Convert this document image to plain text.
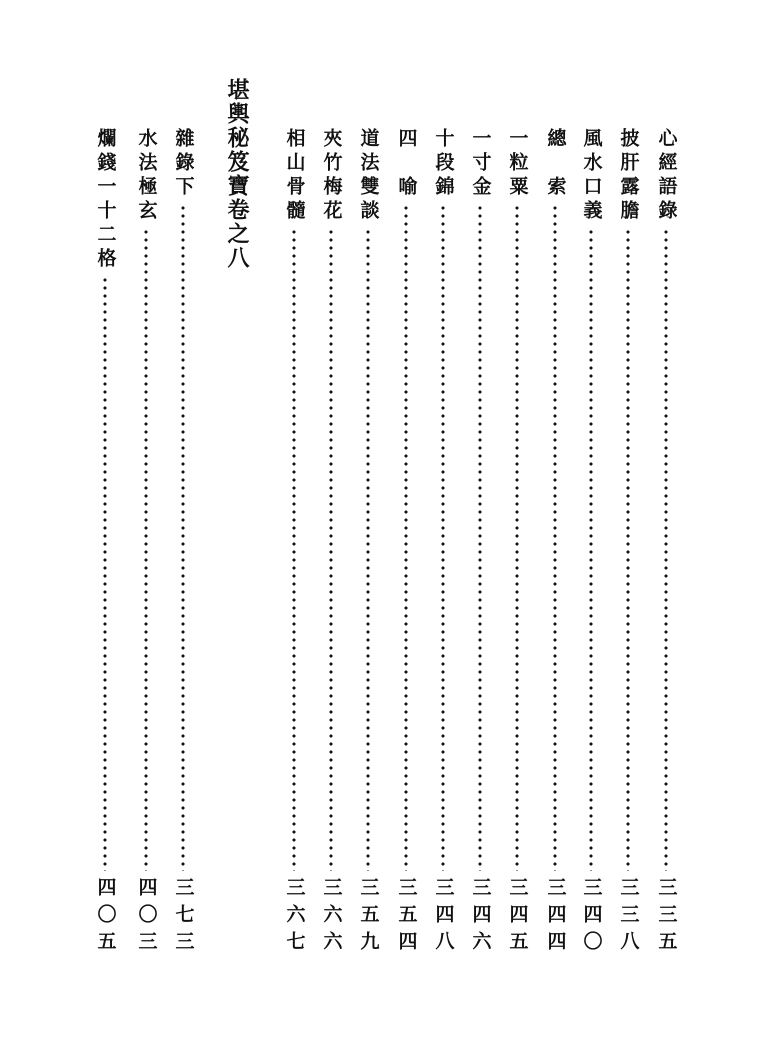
心經語錄
三三五
披肝露膽
三三八
風水口義
三四〇
總　索
三四四
一粒粟
三四五
一寸金
三四六
十段錦
三四八
四　喻
三五四
道法雙談
三五九
夾竹梅花
三六六
相山骨髓
三六七
堪輿秘笈寶卷之八
雜錄下
三七三
水法極玄
四〇三
爛錢一十二格
四〇五
